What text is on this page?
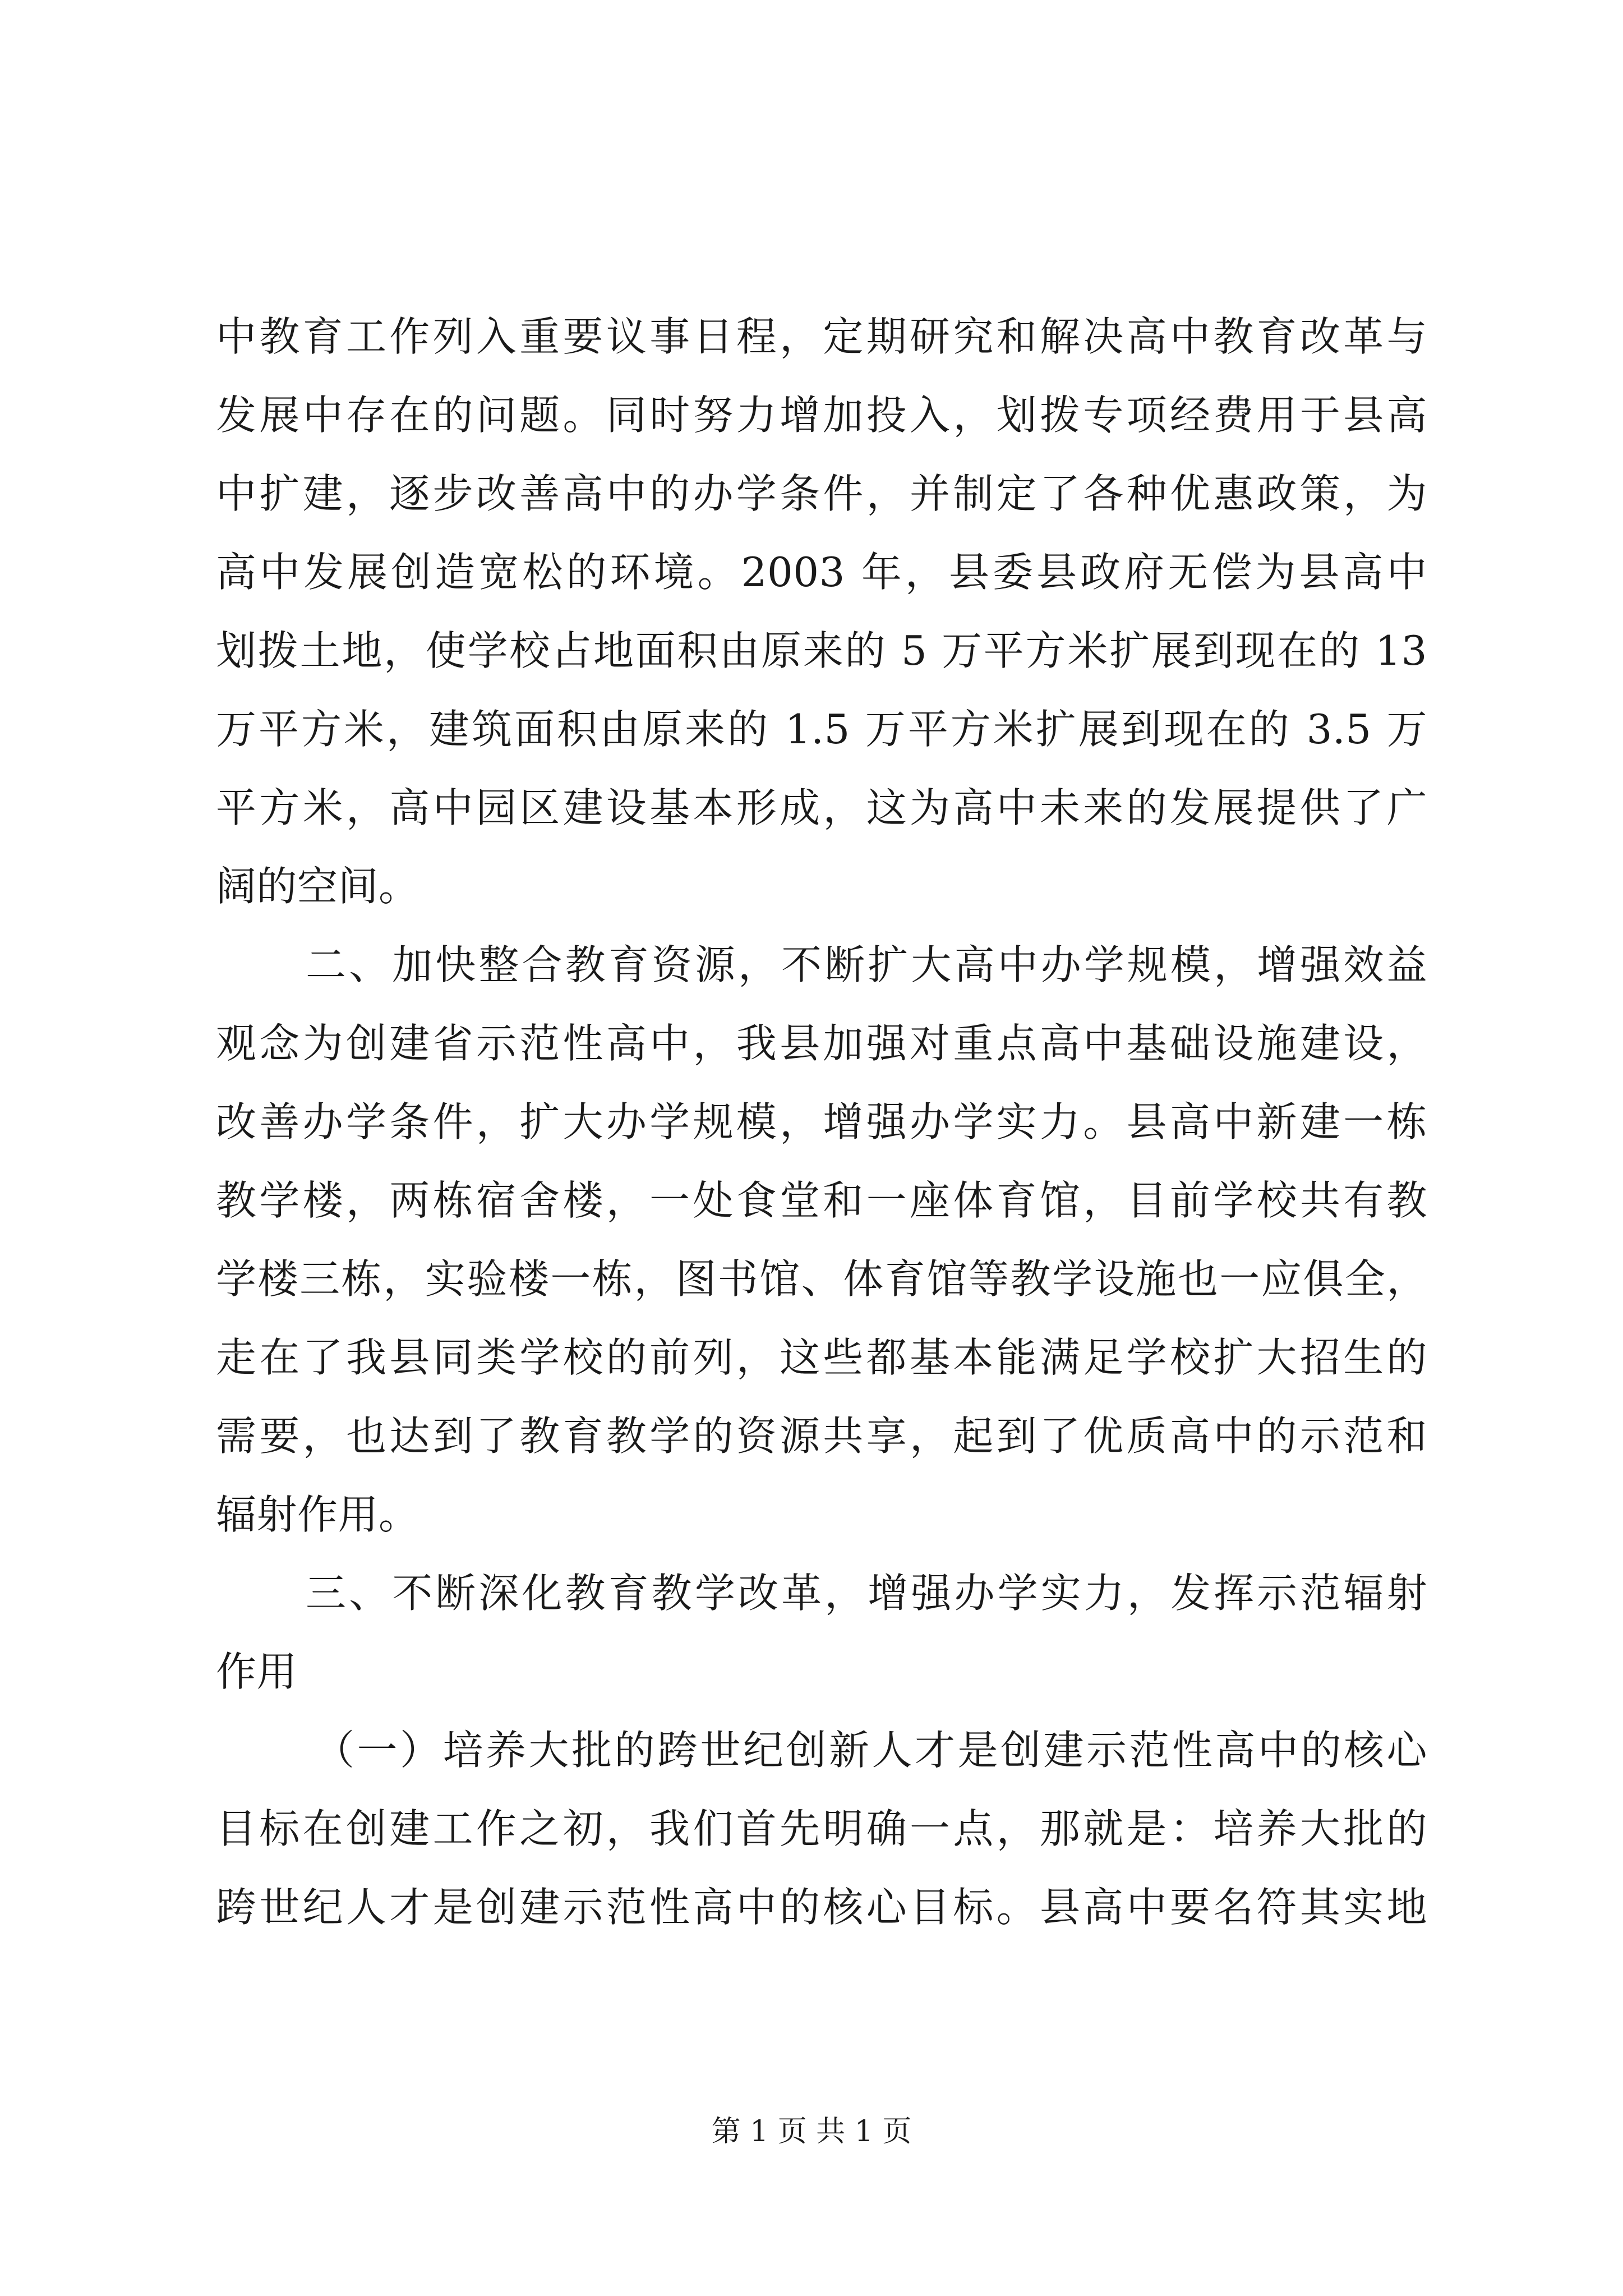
中教育工作列入重要议事日程，定期研究和解决高中教育改革与
发展中存在的问题。同时努力增加投入，划拨专项经费用于县高
中扩建，逐步改善高中的办学条件，并制定了各种优惠政策，为
高中发展创造宽松的环境。2003 年，县委县政府无偿为县高中
划拨土地，使学校占地面积由原来的 5 万平方米扩展到现在的 13
万平方米，建筑面积由原来的 1.5 万平方米扩展到现在的 3.5 万
平方米，高中园区建设基本形成，这为高中未来的发展提供了广
阔的空间。
二、加快整合教育资源，不断扩大高中办学规模，增强效益
观念为创建省示范性高中，我县加强对重点高中基础设施建设，
改善办学条件，扩大办学规模，增强办学实力。县高中新建一栋
教学楼，两栋宿舍楼，一处食堂和一座体育馆，目前学校共有教
学楼三栋，实验楼一栋，图书馆、体育馆等教学设施也一应俱全，
走在了我县同类学校的前列，这些都基本能满足学校扩大招生的
需要，也达到了教育教学的资源共享，起到了优质高中的示范和
辐射作用。
三、不断深化教育教学改革，增强办学实力，发挥示范辐射
作用
（一）培养大批的跨世纪创新人才是创建示范性高中的核心
目标在创建工作之初，我们首先明确一点，那就是：培养大批的
跨世纪人才是创建示范性高中的核心目标。县高中要名符其实地
第 1 页 共 1 页
